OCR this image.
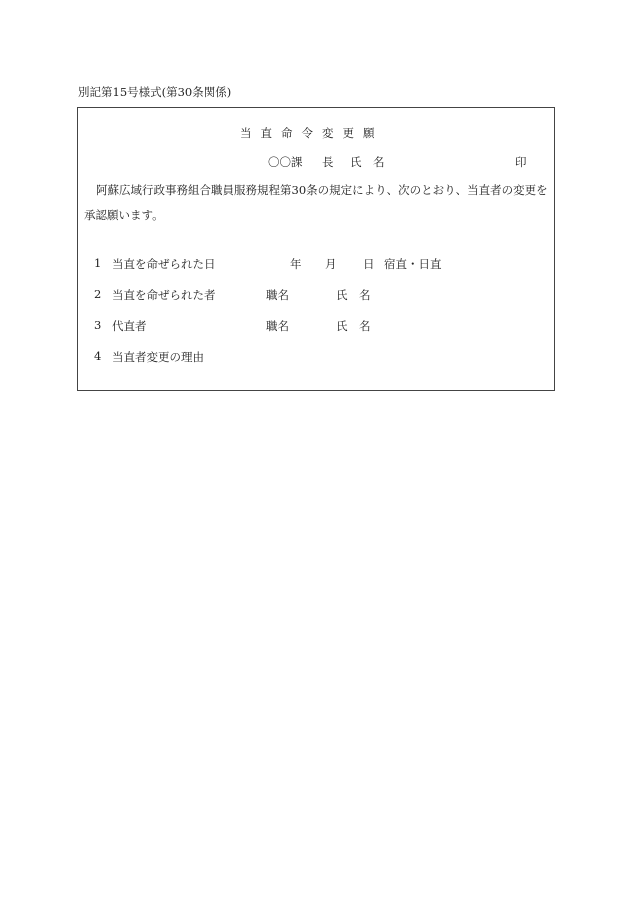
別記第15号様式(第30条関係)
当直命令変更願
〇〇課 長 氏　名	印
阿蘇広域行政事務組合職員服務規程第30条の規定により、次のとおり、当直者の変更を承認願います。
1 当直を命ぜられた日	年 月 日 宿直・日直
2 当直を命ぜられた者	職名	氏　名
3 代直者	職名	氏　名
4 当直者変更の理由
